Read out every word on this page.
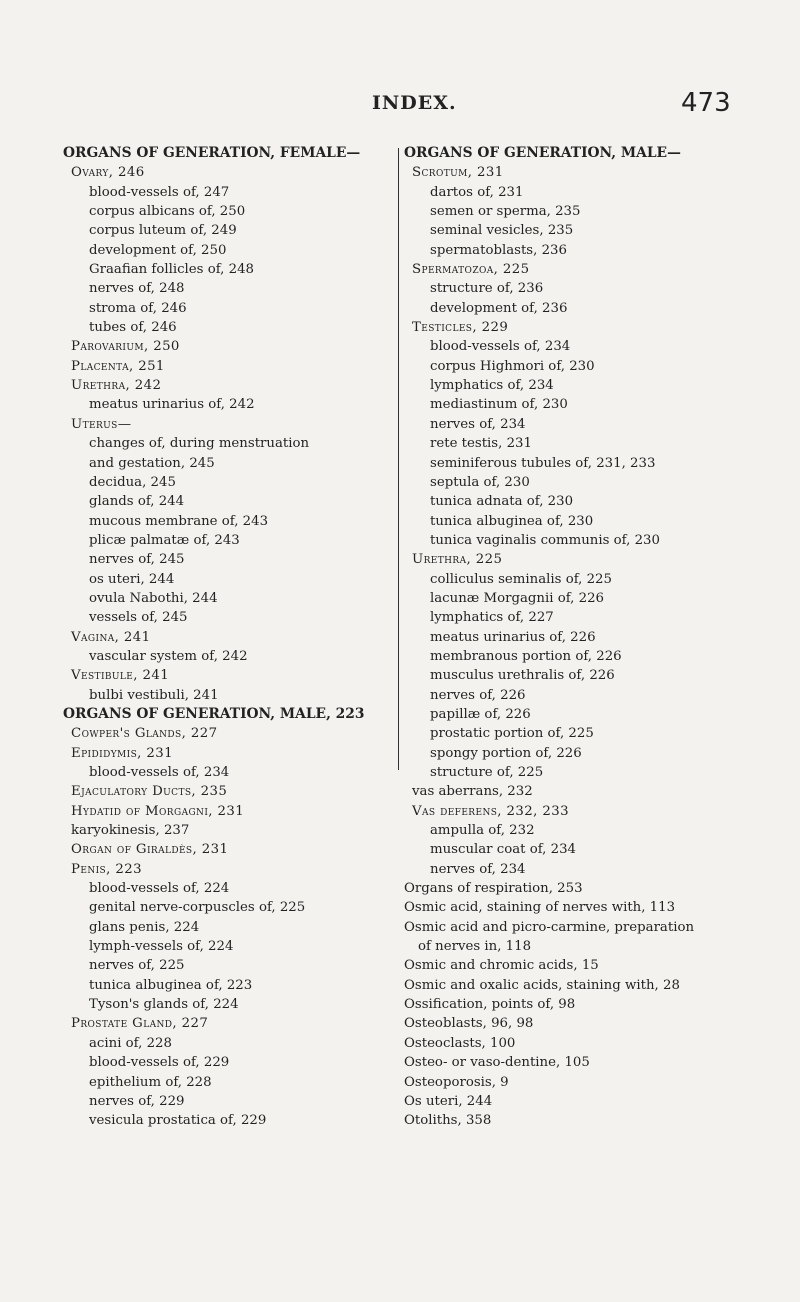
INDEX.	473
ORGANS OF GENERATION, FEMALE—
Ovary, 246
blood-vessels of, 247
corpus albicans of, 250
corpus luteum of, 249
development of, 250
Graafian follicles of, 248
nerves of, 248
stroma of, 246
tubes of, 246
Parovarium, 250
Placenta, 251
Urethra, 242
meatus urinarius of, 242
Uterus—
changes of, during menstruation
and gestation, 245
decidua, 245
glands of, 244
mucous membrane of, 243
plicæ palmatæ of, 243
nerves of, 245
os uteri, 244
ovula Nabothi, 244
vessels of, 245
Vagina, 241
vascular system of, 242
Vestibule, 241
bulbi vestibuli, 241
ORGANS OF GENERATION, MALE, 223
Cowper's Glands, 227
Epididymis, 231
blood-vessels of, 234
Ejaculatory Ducts, 235
Hydatid of Morgagni, 231
karyokinesis, 237
Organ of Giraldès, 231
Penis, 223
blood-vessels of, 224
genital nerve-corpuscles of, 225
glans penis, 224
lymph-vessels of, 224
nerves of, 225
tunica albuginea of, 223
Tyson's glands of, 224
Prostate Gland, 227
acini of, 228
blood-vessels of, 229
epithelium of, 228
nerves of, 229
vesicula prostatica of, 229
ORGANS OF GENERATION, MALE—
Scrotum, 231
dartos of, 231
semen or sperma, 235
seminal vesicles, 235
spermatoblasts, 236
Spermatozoa, 225
structure of, 236
development of, 236
Testicles, 229
blood-vessels of, 234
corpus Highmori of, 230
lymphatics of, 234
mediastinum of, 230
nerves of, 234
rete testis, 231
seminiferous tubules of, 231, 233
septula of, 230
tunica adnata of, 230
tunica albuginea of, 230
tunica vaginalis communis of, 230
Urethra, 225
colliculus seminalis of, 225
lacunæ Morgagnii of, 226
lymphatics of, 227
meatus urinarius of, 226
membranous portion of, 226
musculus urethralis of, 226
nerves of, 226
papillæ of, 226
prostatic portion of, 225
spongy portion of, 226
structure of, 225
vas aberrans, 232
Vas deferens, 232, 233
ampulla of, 232
muscular coat of, 234
nerves of, 234
Organs of respiration, 253
Osmic acid, staining of nerves with, 113
Osmic acid and picro-carmine, preparation
of nerves in, 118
Osmic and chromic acids, 15
Osmic and oxalic acids, staining with, 28
Ossification, points of, 98
Osteoblasts, 96, 98
Osteoclasts, 100
Osteo- or vaso-dentine, 105
Osteoporosis, 9
Os uteri, 244
Otoliths, 358
